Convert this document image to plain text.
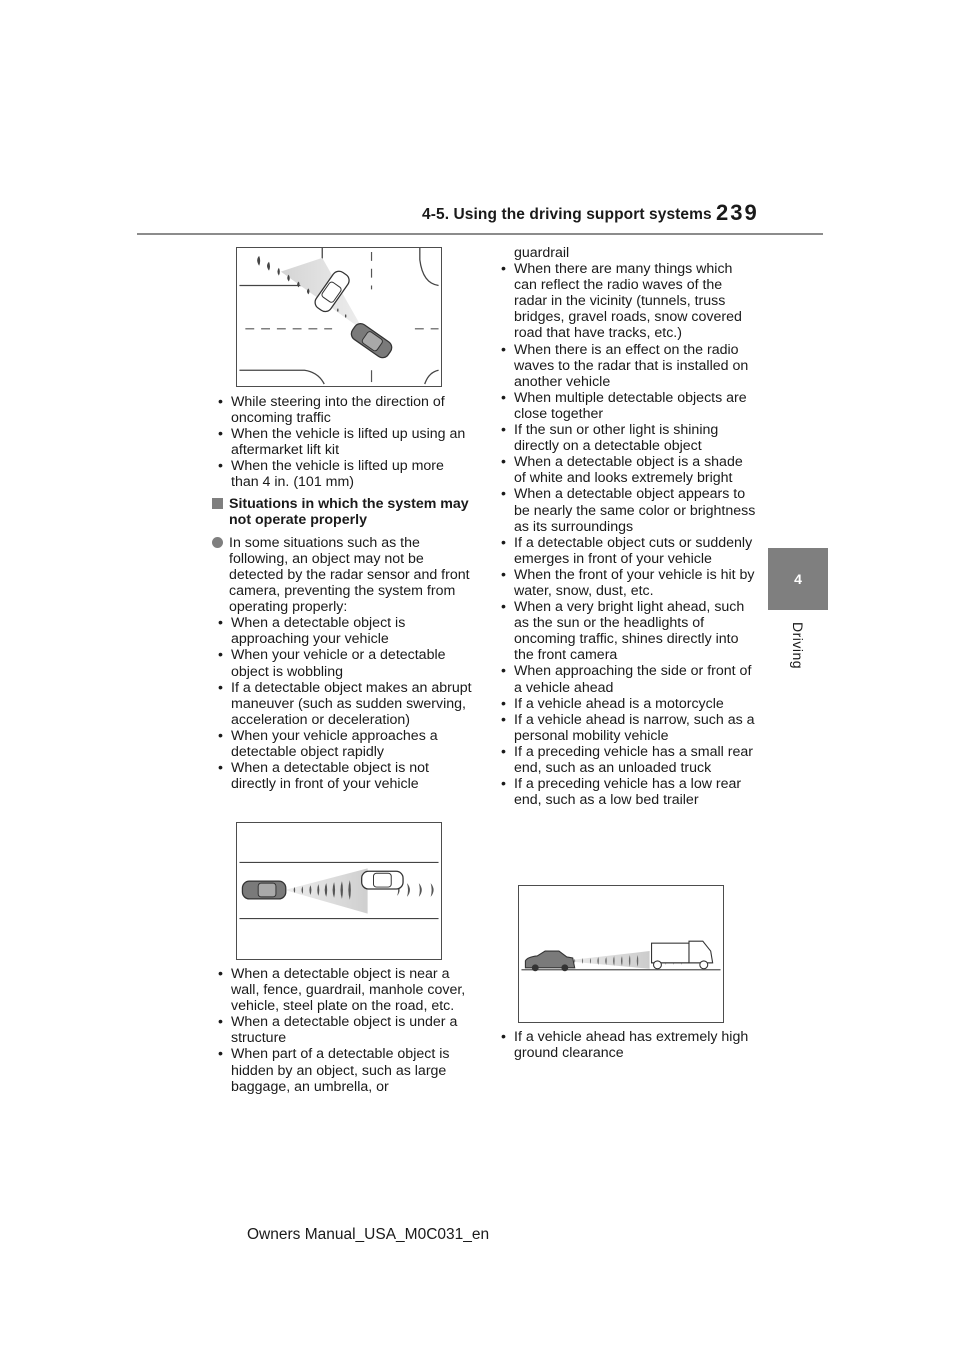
4-5. Using the driving support systems 239
4
Driving
• While steering into the direction of oncoming traffic
• When the vehicle is lifted up using an aftermarket lift kit
• When the vehicle is lifted up more than 4 in. (101 mm)
Situations in which the system may not operate properly
In some situations such as the following, an object may not be detected by the radar sensor and front camera, preventing the system from operating properly:
• When a detectable object is approaching your vehicle
• When your vehicle or a detectable object is wobbling
• If a detectable object makes an abrupt maneuver (such as sudden swerving, acceleration or deceleration)
• When your vehicle approaches a detectable object rapidly
• When a detectable object is not directly in front of your vehicle
• When a detectable object is near a wall, fence, guardrail, manhole cover, vehicle, steel plate on the road, etc.
• When a detectable object is under a structure
• When part of a detectable object is hidden by an object, such as large baggage, an umbrella, or
guardrail
• When there are many things which can reflect the radio waves of the radar in the vicinity (tunnels, truss bridges, gravel roads, snow covered road that have tracks, etc.)
• When there is an effect on the radio waves to the radar that is installed on another vehicle
• When multiple detectable objects are close together
• If the sun or other light is shining directly on a detectable object
• When a detectable object is a shade of white and looks extremely bright
• When a detectable object appears to be nearly the same color or brightness as its surroundings
• If a detectable object cuts or suddenly emerges in front of your vehicle
• When the front of your vehicle is hit by water, snow, dust, etc.
• When a very bright light ahead, such as the sun or the headlights of oncoming traffic, shines directly into the front camera
• When approaching the side or front of a vehicle ahead
• If a vehicle ahead is a motorcycle
• If a vehicle ahead is narrow, such as a personal mobility vehicle
• If a preceding vehicle has a small rear end, such as an unloaded truck
• If a preceding vehicle has a low rear end, such as a low bed trailer
• If a vehicle ahead has extremely high ground clearance
Owners Manual_USA_M0C031_en
